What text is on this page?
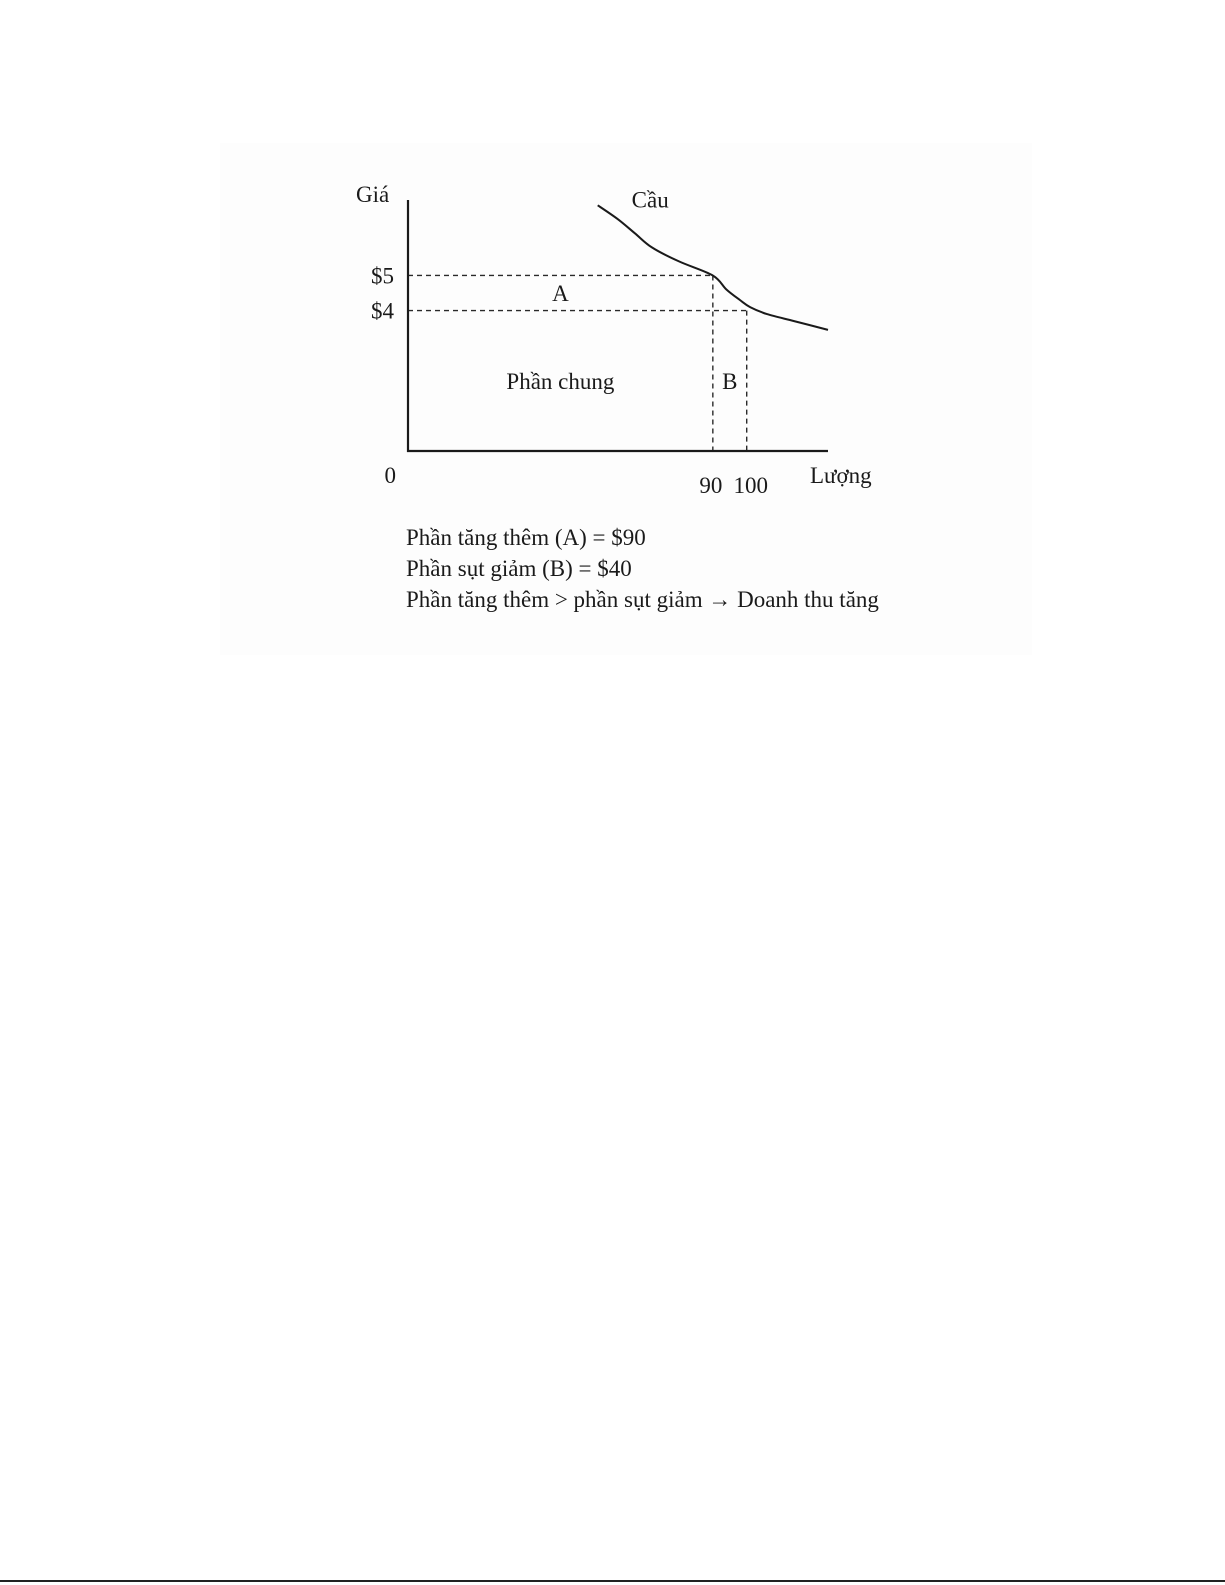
Cầu
Giá
Lượng
0
$5
$4
90 100
A
Phần chung	B
Phần tăng thêm (A) = $90
Phần sụt giảm (B) = $40
Phần tăng thêm > phần sụt giảm → Doanh thu tăng
